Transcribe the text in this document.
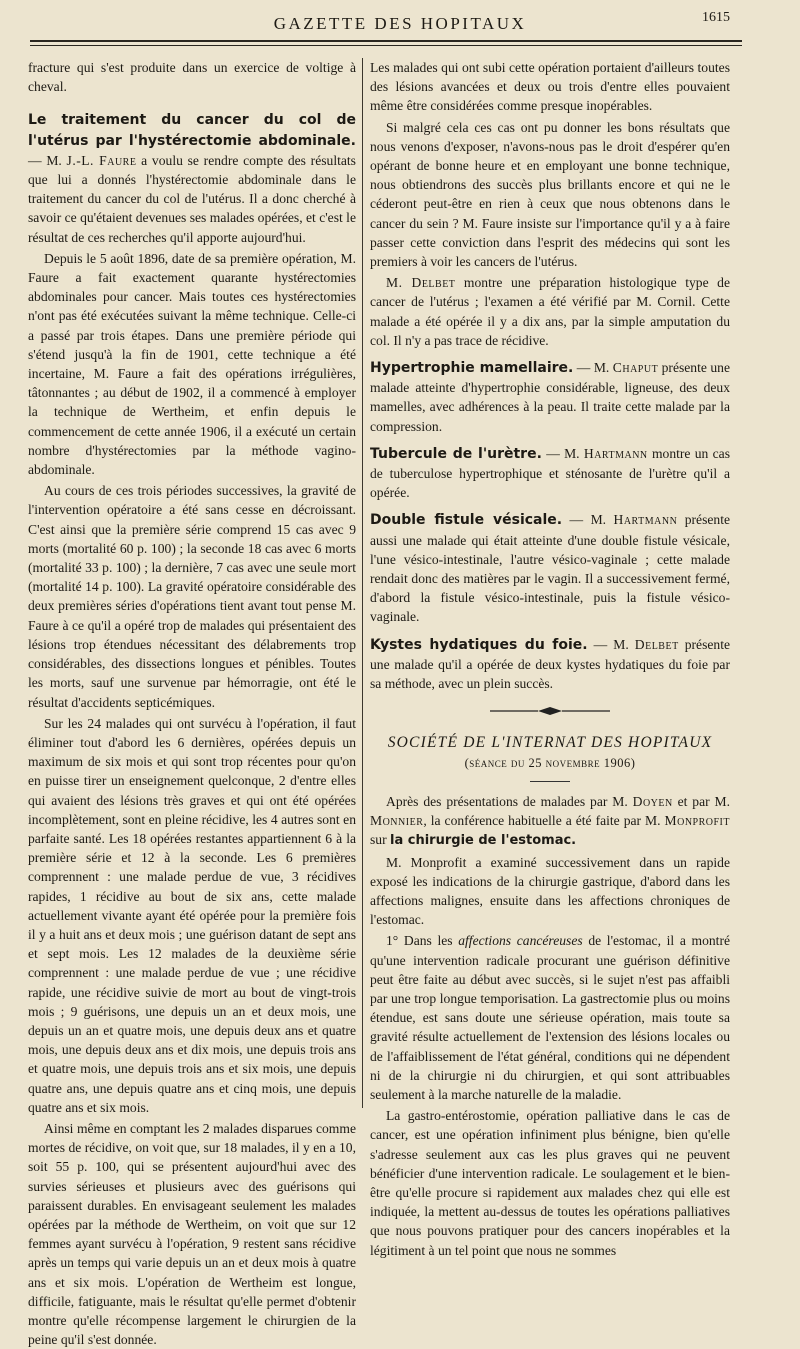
GAZETTE DES HOPITAUX	1615

fracture qui s'est produite dans un exercice de voltige à cheval.

Le traitement du cancer du col de l'utérus par l'hystérectomie abdominale. — M. J.-L. Faure a voulu se rendre compte des résultats que lui a donnés l'hystérectomie abdominale dans le traitement du cancer du col de l'utérus. Il a donc cherché à savoir ce qu'étaient devenues ses malades opérées, et c'est le résultat de ces recherches qu'il apporte aujourd'hui.

Depuis le 5 août 1896, date de sa première opération, M. Faure a fait exactement quarante hystérectomies abdominales pour cancer. Mais toutes ces hystérectomies n'ont pas été exécutées suivant la même technique. Celle-ci a passé par trois étapes. Dans une première période qui s'étend jusqu'à la fin de 1901, cette technique a été incertaine, M. Faure a fait des opérations irrégulières, tâtonnantes ; au début de 1902, il a commencé à employer la technique de Wertheim, et enfin depuis le commencement de cette année 1906, il a exécuté un certain nombre d'hystérectomies par la méthode vagino-abdominale.

Au cours de ces trois périodes successives, la gravité de l'intervention opératoire a été sans cesse en décroissant. C'est ainsi que la première série comprend 15 cas avec 9 morts (mortalité 60 p. 100) ; la seconde 18 cas avec 6 morts (mortalité 33 p. 100) ; la dernière, 7 cas avec une seule mort (mortalité 14 p. 100). La gravité opératoire considérable des deux premières séries d'opérations tient avant tout pense M. Faure à ce qu'il a opéré trop de malades qui présentaient des lésions trop étendues nécessitant des délabrements trop considérables, des dissections longues et pénibles. Toutes les morts, sauf une survenue par hémorragie, ont été le résultat d'accidents septicémiques.

Sur les 24 malades qui ont survécu à l'opération, il faut éliminer tout d'abord les 6 dernières, opérées depuis un maximum de six mois et qui sont trop récentes pour qu'on en puisse tirer un enseignement quelconque, 2 d'entre elles qui avaient des lésions très graves et qui ont été opérées incomplètement, sont en pleine récidive, les 4 autres sont en parfaite santé. Les 18 opérées restantes appartiennent 6 à la première série et 12 à la seconde. Les 6 premières comprennent : une malade perdue de vue, 3 récidives rapides, 1 récidive au bout de six ans, cette malade actuellement vivante ayant été opérée pour la première fois il y a huit ans et deux mois ; une guérison datant de sept ans et sept mois. Les 12 malades de la deuxième série comprennent : une malade perdue de vue ; une récidive rapide, une récidive suivie de mort au bout de vingt-trois mois ; 9 guérisons, une depuis un an et deux mois, une depuis un an et quatre mois, une depuis deux ans et quatre mois, une depuis deux ans et dix mois, une depuis trois ans et quatre mois, une depuis trois ans et six mois, une depuis quatre ans, une depuis quatre ans et cinq mois, une depuis quatre ans et six mois.

Ainsi même en comptant les 2 malades disparues comme mortes de récidive, on voit que, sur 18 malades, il y en a 10, soit 55 p. 100, qui se présentent aujourd'hui avec des survies sérieuses et plusieurs avec des guérisons qui paraissent durables. En envisageant seulement les malades opérées par la méthode de Wertheim, on voit que sur 12 femmes ayant survécu à l'opération, 9 restent sans récidive après un temps qui varie depuis un an et deux mois à quatre ans et six mois. L'opération de Wertheim est longue, difficile, fatiguante, mais le résultat qu'elle permet d'obtenir montre qu'elle récompense largement le chirurgien de la peine qu'il s'est donnée.

Les malades qui ont subi cette opération portaient d'ailleurs toutes des lésions avancées et deux ou trois d'entre elles pouvaient même être considérées comme presque inopérables.

Si malgré cela ces cas ont pu donner les bons résultats que nous venons d'exposer, n'avons-nous pas le droit d'espérer qu'en opérant de bonne heure et en employant une bonne technique, nous obtiendrons des succès plus brillants encore et qui ne le céderont peut-être en rien à ceux que nous obtenons dans le cancer du sein ? M. Faure insiste sur l'importance qu'il y a à faire passer cette conviction dans l'esprit des médecins qui sont les premiers à voir les cancers de l'utérus.

M. Delbet montre une préparation histologique type de cancer de l'utérus ; l'examen a été vérifié par M. Cornil. Cette malade a été opérée il y a dix ans, par la simple amputation du col. Il n'y a pas trace de récidive.

Hypertrophie mamellaire. — M. Chaput présente une malade atteinte d'hypertrophie considérable, ligneuse, des deux mamelles, avec adhérences à la peau. Il traite cette malade par la compression.

Tubercule de l'urètre. — M. Hartmann montre un cas de tuberculose hypertrophique et sténosante de l'urètre qu'il a opérée.

Double fistule vésicale. — M. Hartmann présente aussi une malade qui était atteinte d'une double fistule vésicale, l'une vésico-intestinale, l'autre vésico-vaginale ; cette malade rendait donc des matières par le vagin. Il a successivement fermé, d'abord la fistule vésico-intestinale, puis la fistule vésico-vaginale.

Kystes hydatiques du foie. — M. Delbet présente une malade qu'il a opérée de deux kystes hydatiques du foie par sa méthode, avec un plein succès.

SOCIÉTÉ DE L'INTERNAT DES HOPITAUX
(séance du 25 novembre 1906)

Après des présentations de malades par M. Doyen et par M. Monnier, la conférence habituelle a été faite par M. Monprofit sur la chirurgie de l'estomac.

M. Monprofit a examiné successivement dans un rapide exposé les indications de la chirurgie gastrique, d'abord dans les affections malignes, ensuite dans les affections chroniques de l'estomac.

1° Dans les affections cancéreuses de l'estomac, il a montré qu'une intervention radicale procurant une guérison définitive peut être faite au début avec succès, si le sujet n'est pas affaibli par une trop longue temporisation. La gastrectomie plus ou moins étendue, est sans doute une sérieuse opération, mais toute sa gravité résulte actuellement de l'extension des lésions locales ou de l'affaiblissement de l'état général, conditions qui ne dépendent ni de la chirurgie ni du chirurgien, et qui sont attribuables seulement à la marche naturelle de la maladie.

La gastro-entérostomie, opération palliative dans le cas de cancer, est une opération infiniment plus bénigne, bien qu'elle s'adresse seulement aux cas les plus graves qui ne peuvent bénéficier d'une intervention radicale. Le soulagement et le bien-être qu'elle procure si rapidement aux malades chez qui elle est indiquée, la mettent au-dessus de toutes les opérations palliatives que nous pouvons pratiquer pour des cancers inopérables et la légitiment à un tel point que nous ne sommes
